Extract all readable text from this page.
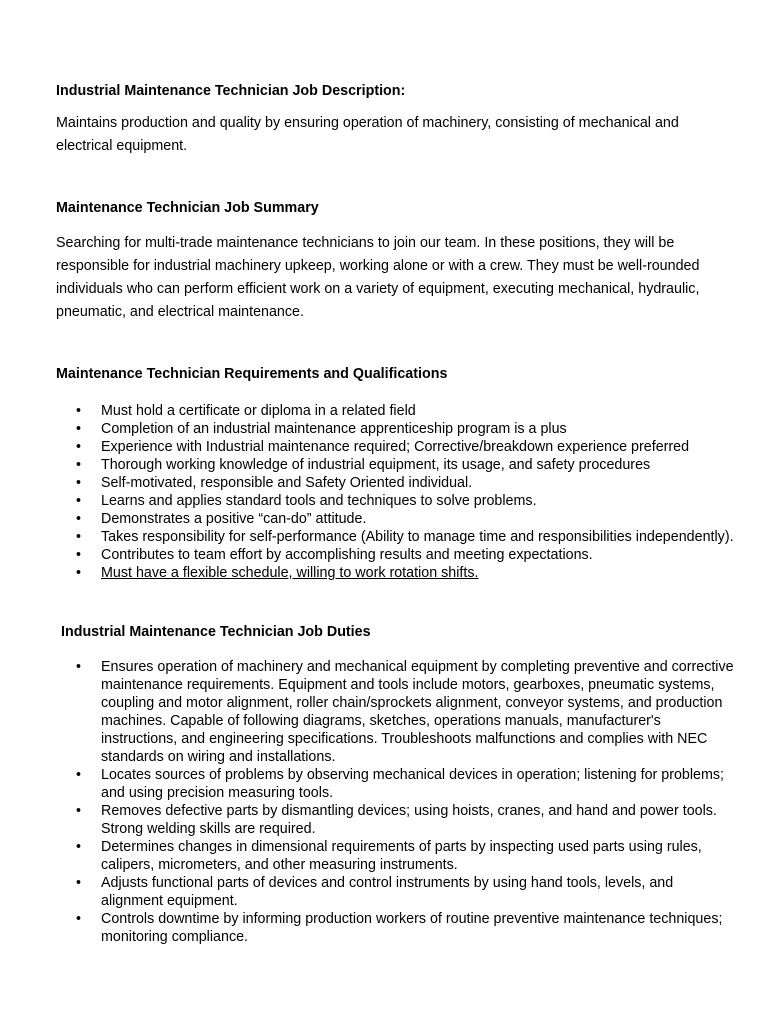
Industrial Maintenance Technician Job Description:
Maintains production and quality by ensuring operation of machinery, consisting of mechanical and electrical equipment.
Maintenance Technician Job Summary
Searching for multi-trade maintenance technicians to join our team. In these positions, they will be responsible for industrial machinery upkeep, working alone or with a crew. They must be well-rounded individuals who can perform efficient work on a variety of equipment, executing mechanical, hydraulic, pneumatic, and electrical maintenance.
Maintenance Technician Requirements and Qualifications
• Must hold a certificate or diploma in a related field
• Completion of an industrial maintenance apprenticeship program is a plus
• Experience with Industrial maintenance required; Corrective/breakdown experience preferred
• Thorough working knowledge of industrial equipment, its usage, and safety procedures
• Self-motivated, responsible and Safety Oriented individual.
• Learns and applies standard tools and techniques to solve problems.
• Demonstrates a positive “can-do” attitude.
• Takes responsibility for self-performance (Ability to manage time and responsibilities independently).
• Contributes to team effort by accomplishing results and meeting expectations.
• Must have a flexible schedule, willing to work rotation shifts.
Industrial Maintenance Technician Job Duties
• Ensures operation of machinery and mechanical equipment by completing preventive and corrective maintenance requirements. Equipment and tools include motors, gearboxes, pneumatic systems, coupling and motor alignment, roller chain/sprockets alignment, conveyor systems, and production machines. Capable of following diagrams, sketches, operations manuals, manufacturer's instructions, and engineering specifications. Troubleshoots malfunctions and complies with NEC standards on wiring and installations.
• Locates sources of problems by observing mechanical devices in operation; listening for problems; and using precision measuring tools.
• Removes defective parts by dismantling devices; using hoists, cranes, and hand and power tools. Strong welding skills are required.
• Determines changes in dimensional requirements of parts by inspecting used parts using rules, calipers, micrometers, and other measuring instruments.
• Adjusts functional parts of devices and control instruments by using hand tools, levels, and alignment equipment.
• Controls downtime by informing production workers of routine preventive maintenance techniques; monitoring compliance.
